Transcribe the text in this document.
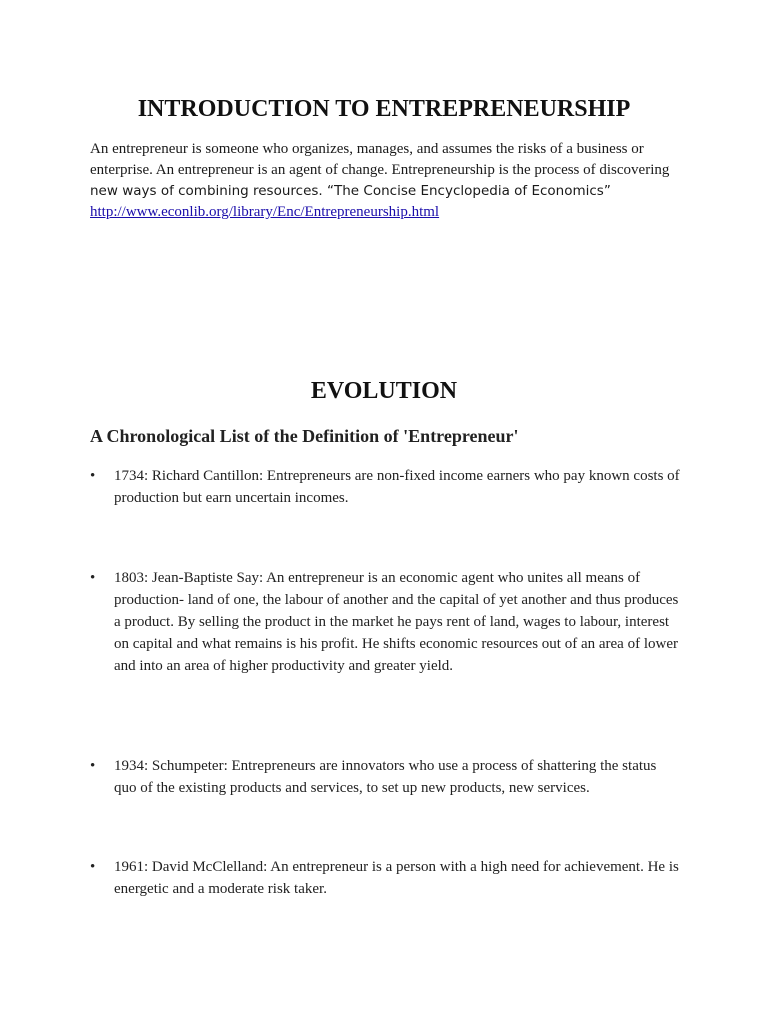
INTRODUCTION TO ENTREPRENEURSHIP

An entrepreneur is someone who organizes, manages, and assumes the risks of a business or enterprise. An entrepreneur is an agent of change. Entrepreneurship is the process of discovering new ways of combining resources. “The Concise Encyclopedia of Economics”
http://www.econlib.org/library/Enc/Entrepreneurship.html

EVOLUTION
A Chronological List of the Definition of 'Entrepreneur'
•	1734: Richard Cantillon: Entrepreneurs are non-fixed income earners who pay known costs of production but earn uncertain incomes.
•	1803: Jean-Baptiste Say: An entrepreneur is an economic agent who unites all means of production- land of one, the labour of another and the capital of yet another and thus produces a product. By selling the product in the market he pays rent of land, wages to labour, interest on capital and what remains is his profit. He shifts economic resources out of an area of lower and into an area of higher productivity and greater yield.
•	1934: Schumpeter: Entrepreneurs are innovators who use a process of shattering the status quo of the existing products and services, to set up new products, new services.
•	1961: David McClelland: An entrepreneur is a person with a high need for achievement. He is energetic and a moderate risk taker.
